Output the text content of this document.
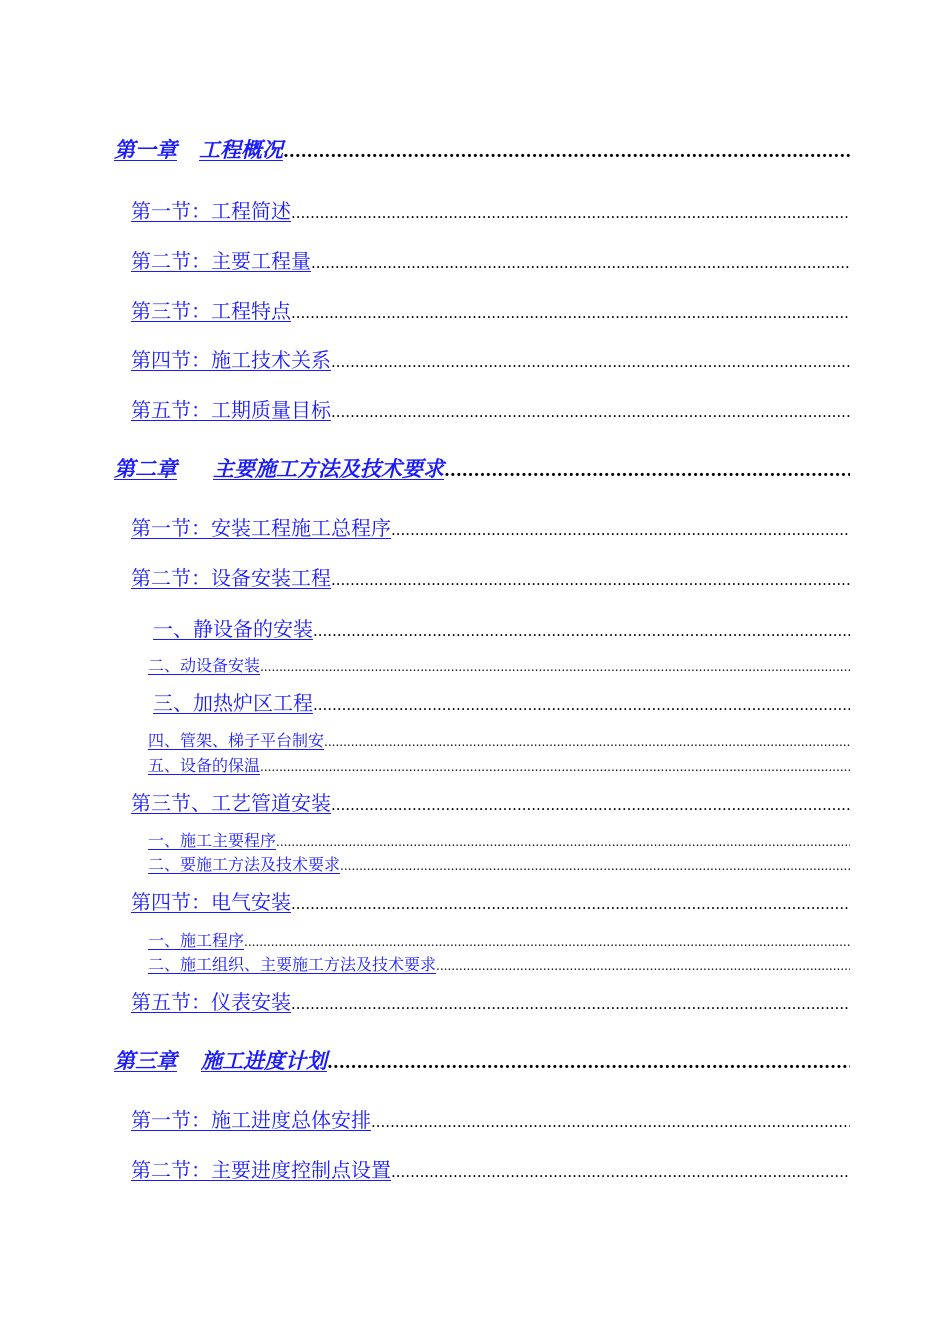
第一章 工程概况
.....
第一节：工程简述
.....
第二节：主要工程量
.....
第三节：工程特点
.....
第四节：施工技术关系
.....
第五节：工期质量目标
.....
第二章 主要施工方法及技术要求
.....
第一节：安装工程施工总程序
.....
第二节：设备安装工程
.....
一、静设备的安装
.....
二、动设备安装
.....
三、加热炉区工程
.....
四、管架、梯子平台制安
.....
五、设备的保温
.....
第三节、工艺管道安装
.....
一、施工主要程序
.....
二、要施工方法及技术要求
.....
第四节：电气安装
.....
一、施工程序
.....
二、施工组织、主要施工方法及技术要求
.....
第五节：仪表安装
.....
第三章 施工进度计划
.....
第一节：施工进度总体安排
.....
第二节：主要进度控制点设置
.....
